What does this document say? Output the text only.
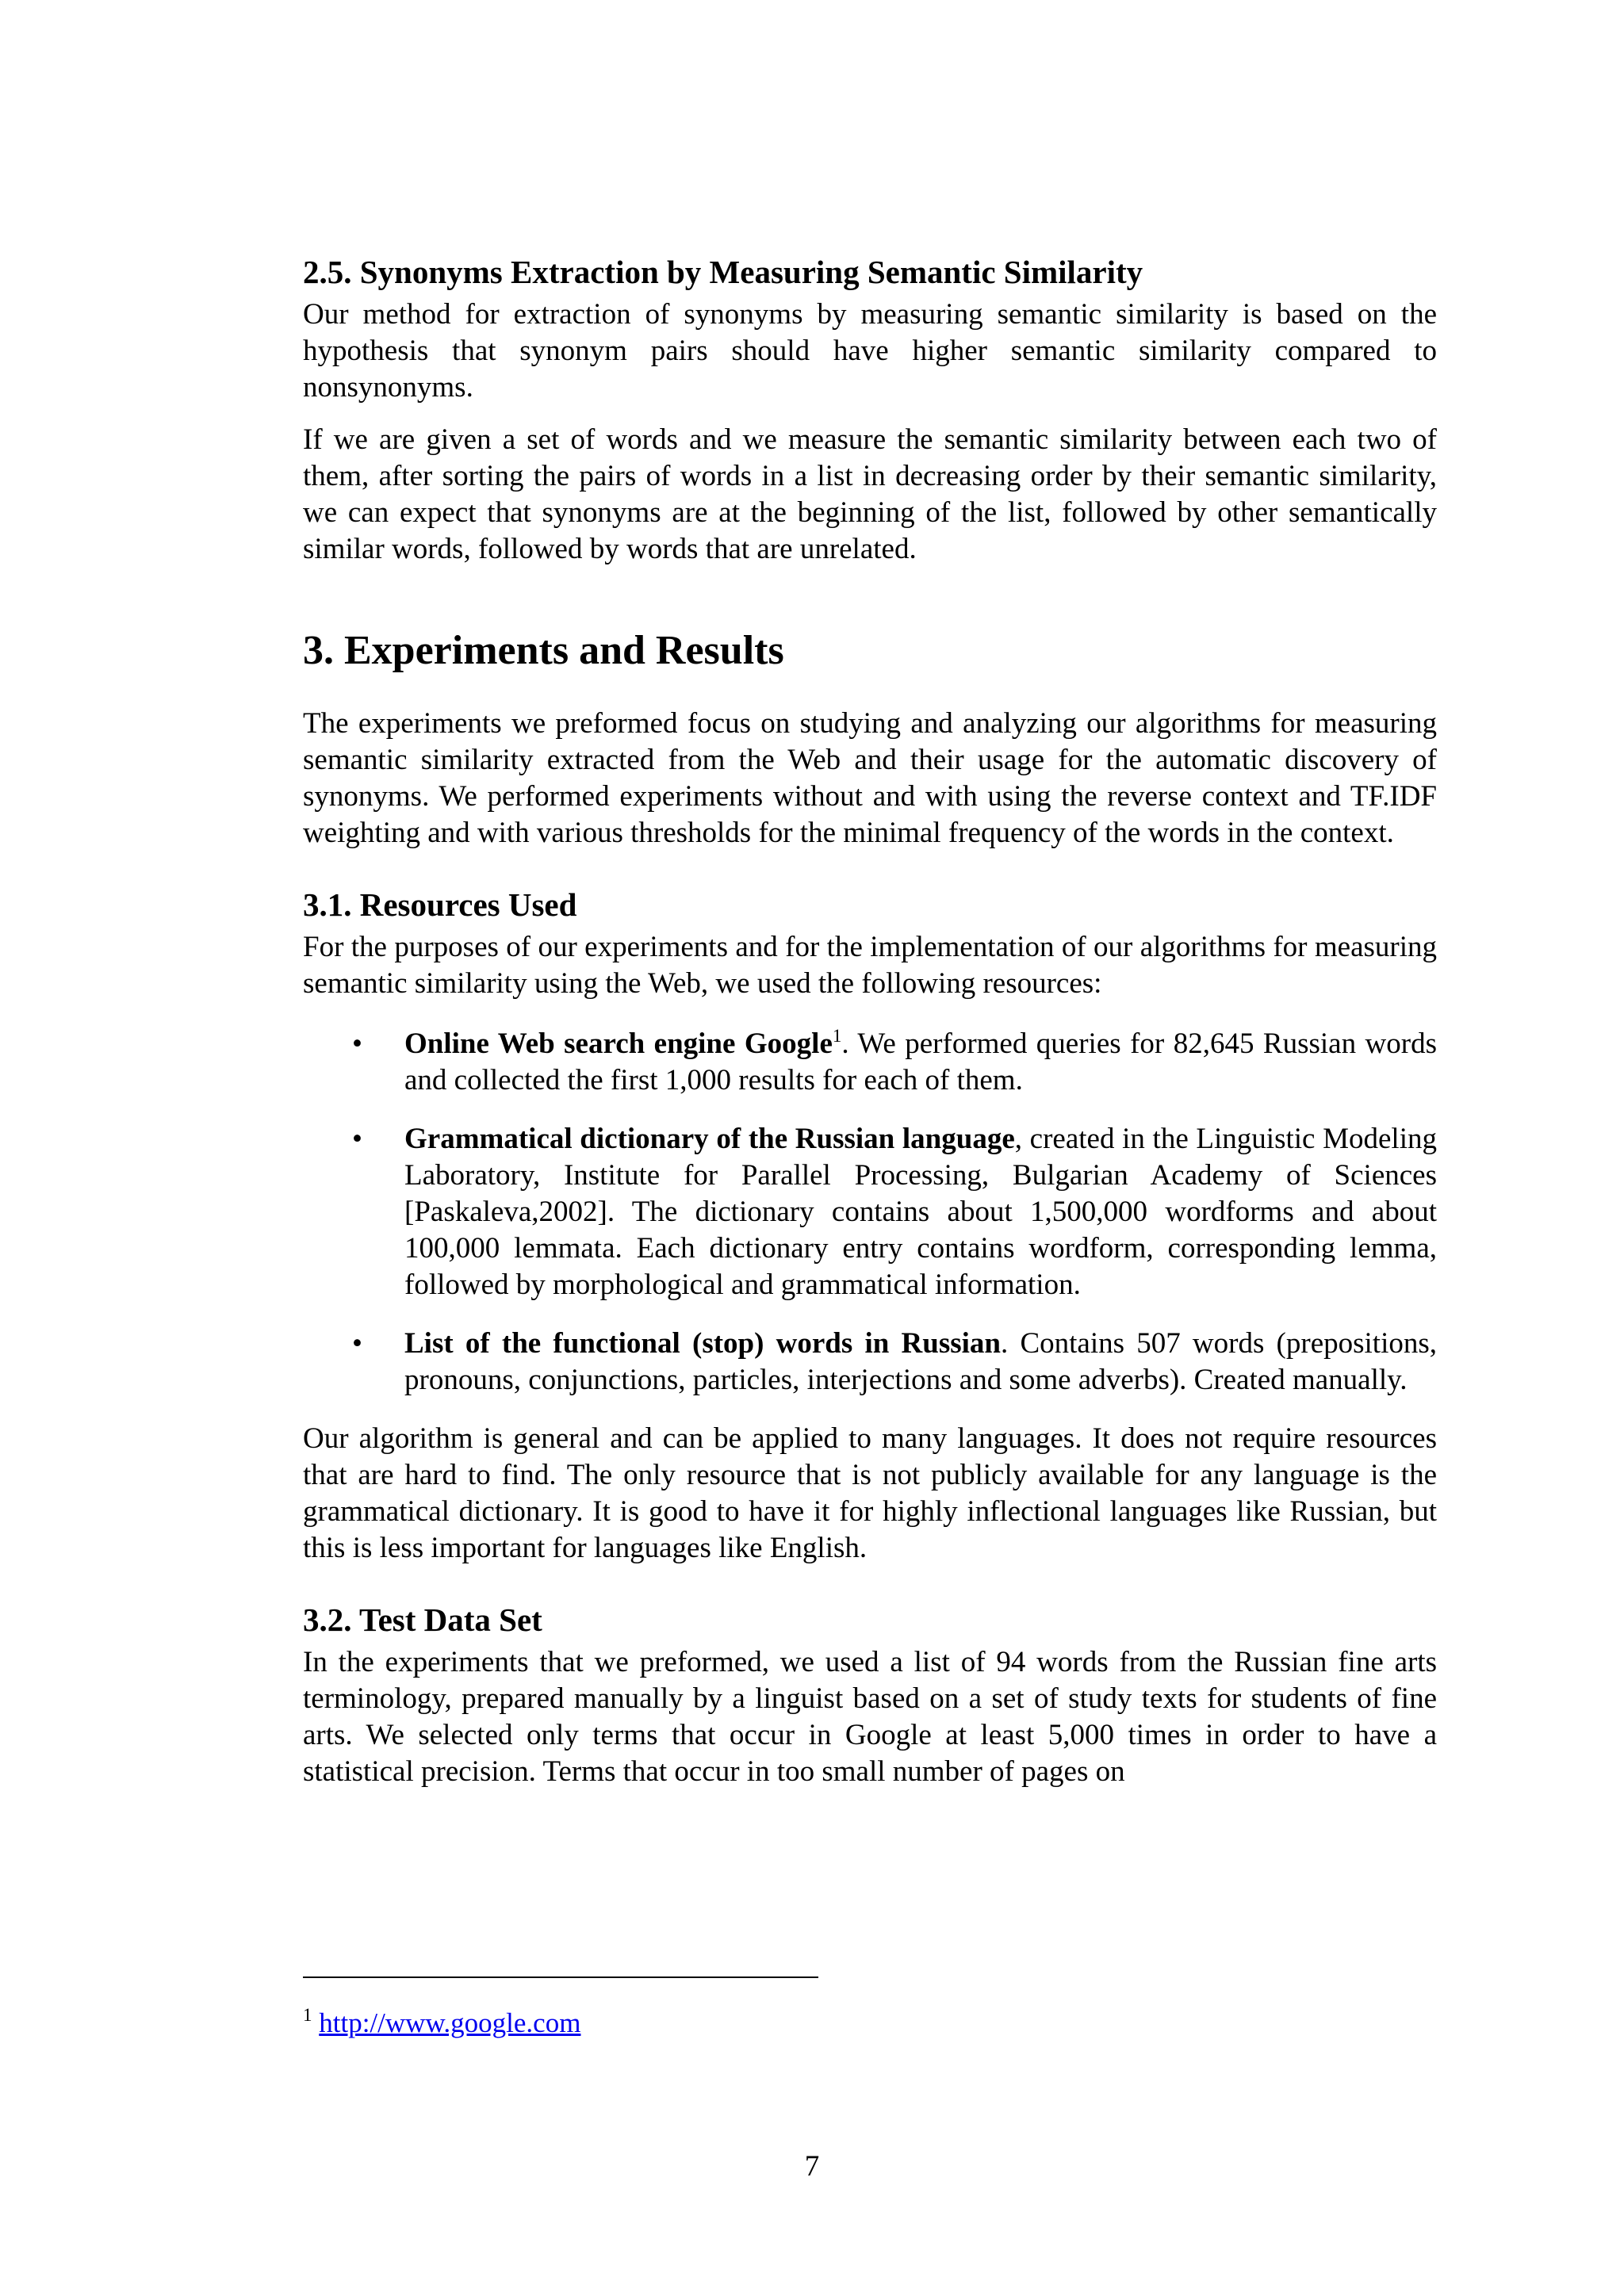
2.5. Synonyms Extraction by Measuring Semantic Similarity

Our method for extraction of synonyms by measuring semantic similarity is based on the hypothesis that synonym pairs should have higher semantic similarity compared to nonsynonyms.

If we are given a set of words and we measure the semantic similarity between each two of them, after sorting the pairs of words in a list in decreasing order by their semantic similarity, we can expect that synonyms are at the beginning of the list, followed by other semantically similar words, followed by words that are unrelated.

3. Experiments and Results

The experiments we preformed focus on studying and analyzing our algorithms for measuring semantic similarity extracted from the Web and their usage for the automatic discovery of synonyms. We performed experiments without and with using the reverse context and TF.IDF weighting and with various thresholds for the minimal frequency of the words in the context.

3.1. Resources Used

For the purposes of our experiments and for the implementation of our algorithms for measuring semantic similarity using the Web, we used the following resources:

• Online Web search engine Google$^1$. We performed queries for 82,645 Russian words and collected the first 1,000 results for each of them.
• Grammatical dictionary of the Russian language, created in the Linguistic Modeling Laboratory, Institute for Parallel Processing, Bulgarian Academy of Sciences [Paskaleva,2002]. The dictionary contains about 1,500,000 wordforms and about 100,000 lemmata. Each dictionary entry contains wordform, corresponding lemma, followed by morphological and grammatical information.
• List of the functional (stop) words in Russian. Contains 507 words (prepositions, pronouns, conjunctions, particles, interjections and some adverbs). Created manually.

Our algorithm is general and can be applied to many languages. It does not require resources that are hard to find. The only resource that is not publicly available for any language is the grammatical dictionary. It is good to have it for highly inflectional languages like Russian, but this is less important for languages like English.

3.2. Test Data Set

In the experiments that we preformed, we used a list of 94 words from the Russian fine arts terminology, prepared manually by a linguist based on a set of study texts for students of fine arts. We selected only terms that occur in Google at least 5,000 times in order to have a statistical precision. Terms that occur in too small number of pages on

$^1$ http://www.google.com
7
